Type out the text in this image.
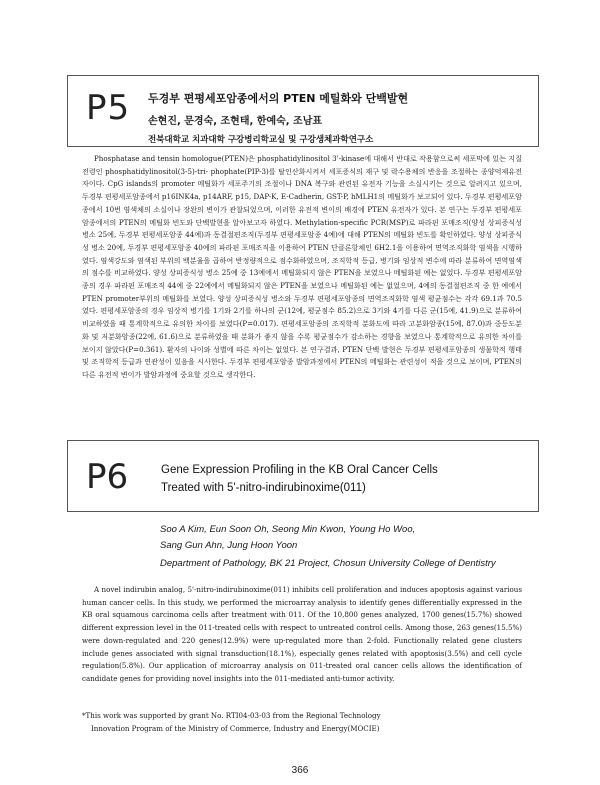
P5 두경부 편평세포암종에서의 PTEN 메틸화와 단백발현
손현진, 문경숙, 조현태, 한예숙, 조남표
전북대학교 치과대학 구강병리학교실 및 구강생체과학연구소
Phosphatase and tensin homologue(PTEN)은 phosphatidylinositol 3'-kinase에 대해서 반대로 작용함으로써 세포막에 있는 지질 전령인 phosphatidylinositol(3-5)-tri- phophate(PIP-3)를 탈인산화시켜서 세포증식의 재구 및 락수용체의 반응을 조절하는 종양억제유전자이다. CpG islands의 promoter 메틸화가 세포주기의 조절이나 DNA 복구와 관련된 유전자 기능을 소실시키는 것으로 알려지고 있으며, 두경부 편평세포암종에서 p16INK4a, p14ARF, p15, DAP-K, E-Cadherin, GST-P, hMLH1의 메틸화가 보고되어 있다. 두경부 편평세포암종에서 10번 염색체의 소실이나 장완의 변이가 관찰되었으며, 이러한 유전적 변이의 배경에 PTEN 유전자가 있다. 본 연구는 두경부 편평세포암종에서의 PTEN의 메틸화 빈도와 단백발현을 알아보고자 하였다. Methylation-specific PCR(MSP)로 파라핀 포매조직(양성 상피증식성 병소 25예, 두경부 편평세포암종 44예)과 동결절편조직(두경부 편평세포암종 4예)에 대해 PTEN의 메틸화 빈도를 확인하였다. 양성 상피증식성 병소 20예, 두경부 편평세포암종 40예의 파라핀 포매조직을 이용하여 PTEN 단클론항체인 6H2.1을 이용하여 면역조직화학 염색을 시행하였다. 염색강도와 염색된 부위의 백분율을 곱하여 반정량적으로 점수화하였으며, 조직학적 등급, 병기와 임상적 변수에 따라 분류하여 면역염색의 점수를 비교하였다. 양성 상피증식성 병소 25예 중 13예에서 메틸화되지 않은 PTEN을 보였으나 메틸화된 예는 없었다. 두경부 편평세포암종의 경우 파라핀 포매조직 44예 중 22예에서 메틸화되지 않은 PTEN을 보였으나 메틸화된 예는 없었으며, 4예의 동결절편조직 중 한 예에서 PTEN promoter부위의 메틸화를 보였다. 양성 상피증식성 병소와 두경부 편평세포암종의 면역조직화학 염색 평균점수는 각각 69.1과 70.5였다. 편평세포암종의 경우 임상적 병기를 1기와 2기를 하나의 군(12예, 평균점수 85.2)으로 3기와 4기를 다른 군(15예, 41.9)으로 분류하여 비교하였을 때 통계학적으로 유의한 차이를 보였다(P=0.017). 편평세포암종의 조직학적 분화도에 따라 고분화암종(15예, 87.0)과 중등도분화 및 저분화암종(22예, 61.6)으로 분류하였을 때 분화가 좋지 않을 수록 평균점수가 감소하는 경향을 보였으나 통계학적으로 유의한 차이를 보이지 않았다(P=0.361). 환자의 나이와 성별에 따른 차이는 없었다. 본 연구결과, PTEN 단백 발현은 두경부 편평세포암종의 생물학적 행태 및 조직학적 등급과 연관성이 있음을 시사한다. 두경부 편평세포암종 발암과정에서 PTEN의 메틸화는 관련성이 적을 것으로 보이며, PTEN의 다른 유전적 변이가 발암과정에 중요할 것으로 생각한다.
P6	Gene Expression Profiling in the KB Oral Cancer Cells
Treated with 5'-nitro-indirubinoxime(011)
Soo A Kim, Eun Soon Oh, Seong Min Kwon, Young Ho Woo,
Sang Gun Ahn, Jung Hoon Yoon
Department of Pathology, BK 21 Project, Chosun University College of Dentistry
A novel indirubin analog, 5'-nitro-indirubinoxime(011) inhibits cell proliferation and induces apoptosis against various human cancer cells. In this study, we performed the microarray analysis to identify genes differentially expressed in the KB oral squamous carcinoma cells after treatment with 011. Of the 10,800 genes analyzed, 1700 genes(15.7%) showed different expression level in the 011-treated cells with respect to untreated control cells. Among those, 263 genes(15.5%) were down-regulated and 220 genes(12.9%) were up-regulated more than 2-fold. Functionally related gene clusters include genes associated with signal transduction(18.1%), especially genes related with apoptosis(3.5%) and cell cycle regulation(5.8%). Our application of microarray analysis on 011-treated oral cancer cells allows the identification of candidate genes for providing novel insights into the 011-mediated anti-tumor activity.
*This work was supported by grant No. RTI04-03-03 from the Regional Technology
Innovation Program of the Ministry of Commerce, Industry and Energy(MOCIE)
366
